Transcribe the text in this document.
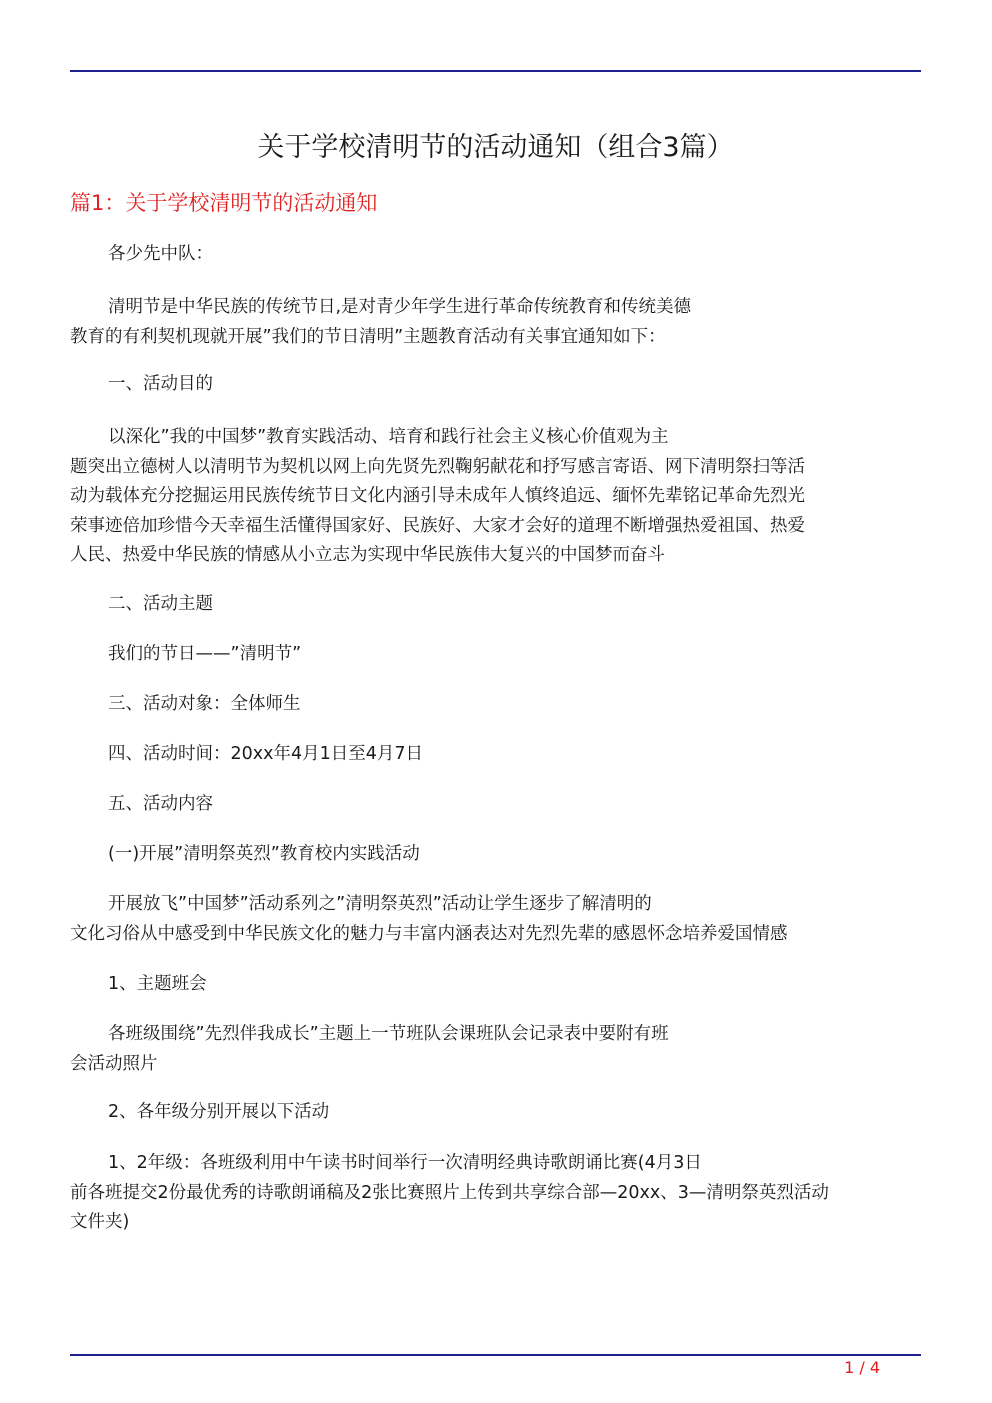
关于学校清明节的活动通知（组合3篇）
篇1：关于学校清明节的活动通知
各少先中队：
清明节是中华民族的传统节日,是对青少年学生进行革命传统教育和传统美德
教育的有利契机现就开展”我们的节日清明”主题教育活动有关事宜通知如下：
一、活动目的
以深化”我的中国梦”教育实践活动、培育和践行社会主义核心价值观为主
题突出立德树人以清明节为契机以网上向先贤先烈鞠躬献花和抒写感言寄语、网下清明祭扫等活
动为载体充分挖掘运用民族传统节日文化内涵引导未成年人慎终追远、缅怀先辈铭记革命先烈光
荣事迹倍加珍惜今天幸福生活懂得国家好、民族好、大家才会好的道理不断增强热爱祖国、热爱
人民、热爱中华民族的情感从小立志为实现中华民族伟大复兴的中国梦而奋斗
二、活动主题
我们的节日——”清明节”
三、活动对象：全体师生
四、活动时间：20xx年4月1日至4月7日
五、活动内容
(一)开展”清明祭英烈”教育校内实践活动
开展放飞”中国梦”活动系列之”清明祭英烈”活动让学生逐步了解清明的
文化习俗从中感受到中华民族文化的魅力与丰富内涵表达对先烈先辈的感恩怀念培养爱国情感
1、主题班会
各班级围绕”先烈伴我成长”主题上一节班队会课班队会记录表中要附有班
会活动照片
2、各年级分别开展以下活动
1、2年级：各班级利用中午读书时间举行一次清明经典诗歌朗诵比赛(4月3日
前各班提交2份最优秀的诗歌朗诵稿及2张比赛照片上传到共享综合部—20xx、3—清明祭英烈活动
文件夹)
1 / 4
